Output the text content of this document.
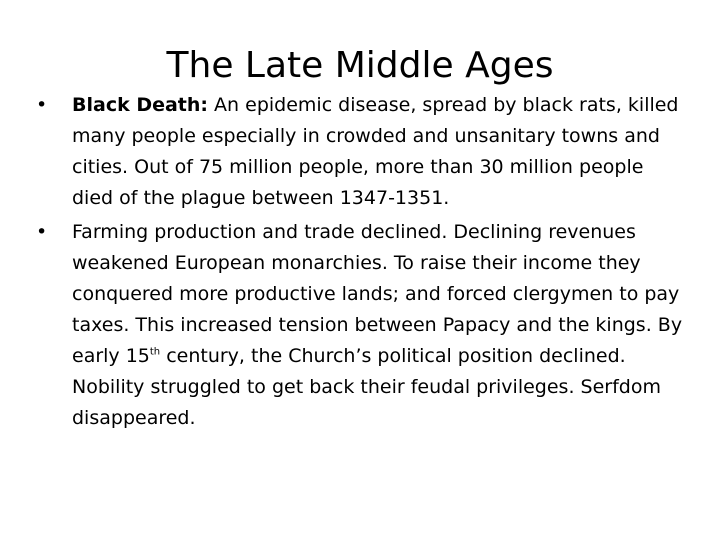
The Late Middle Ages
•	Black Death: An epidemic disease, spread by black rats, killed many people especially in crowded and unsanitary towns and cities. Out of 75 million people, more than 30 million people died of the plague between 1347-1351.
•	Farming production and trade declined. Declining revenues weakened European monarchies. To raise their income they conquered more productive lands; and forced clergymen to pay taxes. This increased tension between Papacy and the kings. By early 15th century, the Church’s political position declined. Nobility struggled to get back their feudal privileges. Serfdom disappeared.
